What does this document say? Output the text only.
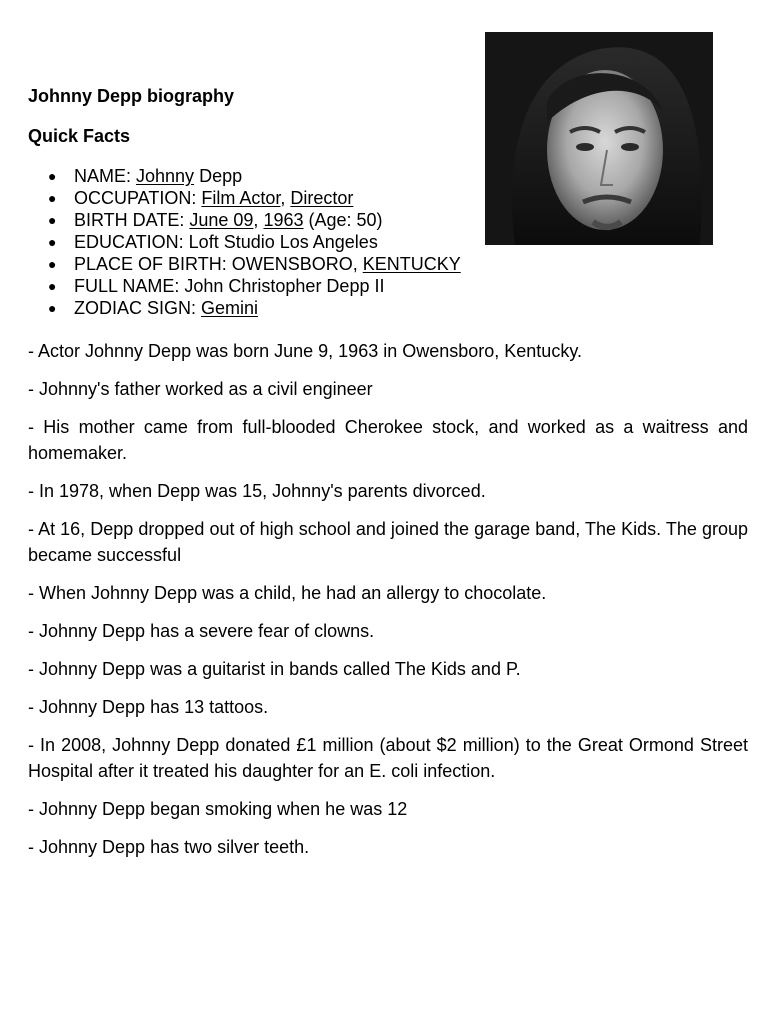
Johnny Depp biography
Quick Facts
● NAME: Johnny Depp
● OCCUPATION: Film Actor, Director
● BIRTH DATE: June 09, 1963 (Age: 50)
● EDUCATION: Loft Studio Los Angeles
● PLACE OF BIRTH: OWENSBORO, KENTUCKY
● FULL NAME: John Christopher Depp II
● ZODIAC SIGN: Gemini

- Actor Johnny Depp was born June 9, 1963 in Owensboro, Kentucky.

- Johnny's father worked as a civil engineer

- His mother came from full-blooded Cherokee stock, and worked as a waitress and homemaker.

- In 1978, when Depp was 15, Johnny's parents divorced.

- At 16, Depp dropped out of high school and joined the garage band, The Kids. The group became successful

- When Johnny Depp was a child, he had an allergy to chocolate.

- Johnny Depp has a severe fear of clowns.

- Johnny Depp was a guitarist in bands called The Kids and P.

- Johnny Depp has 13 tattoos.

- In 2008, Johnny Depp donated £1 million (about $2 million) to the Great Ormond Street Hospital after it treated his daughter for an E. coli infection.

- Johnny Depp began smoking when he was 12

- Johnny Depp has two silver teeth.
